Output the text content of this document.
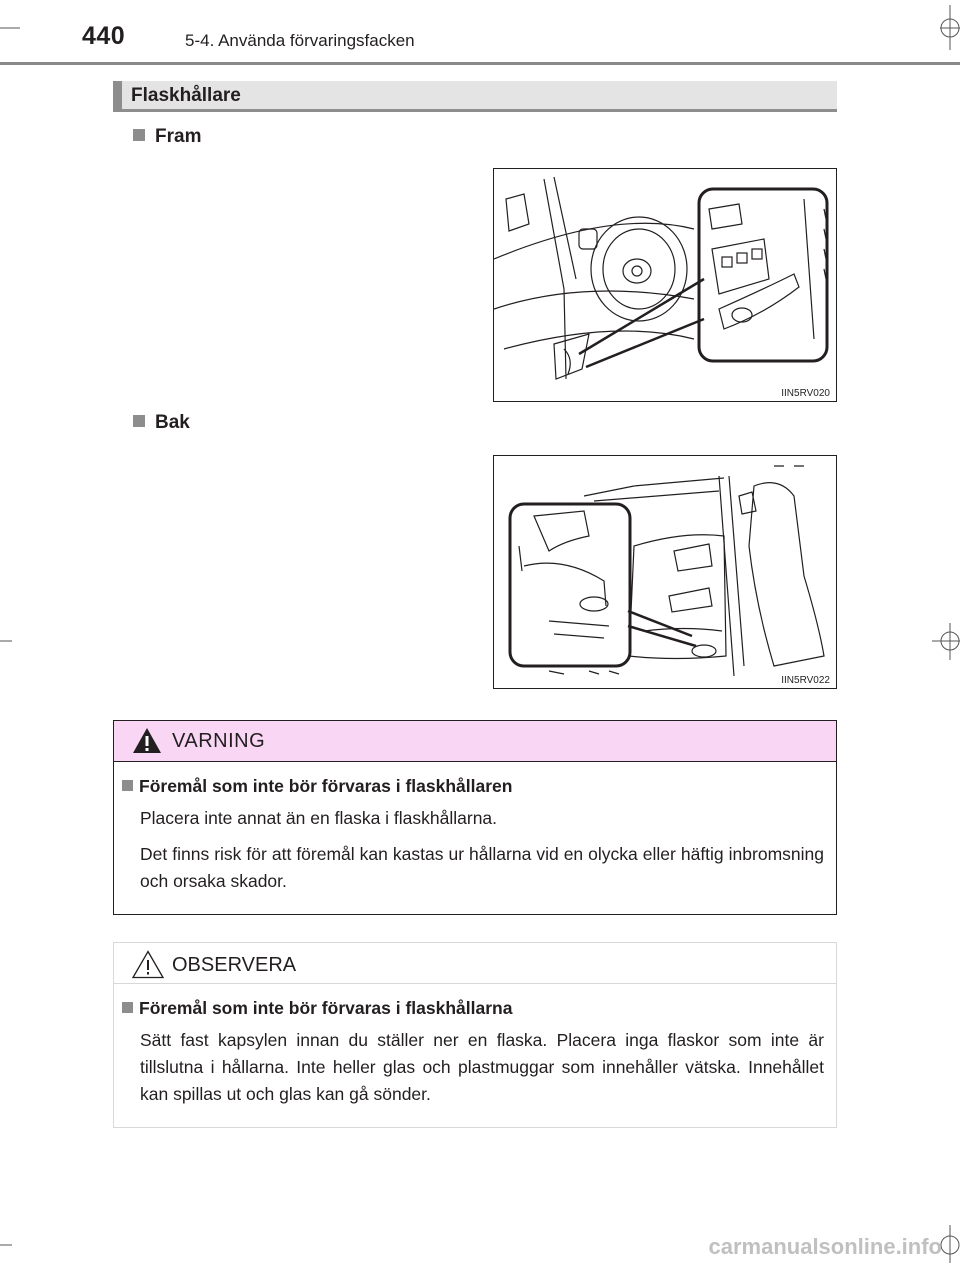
440	5-4. Använda förvaringsfacken
Flaskhållare
Fram
IIN5RV020
Bak
IIN5RV022
VARNING
Föremål som inte bör förvaras i flaskhållaren

Placera inte annat än en flaska i flaskhållarna.

Det finns risk för att föremål kan kastas ur hållarna vid en olycka eller häftig inbromsning och orsaka skador.

OBSERVERA
Föremål som inte bör förvaras i flaskhållarna

Sätt fast kapsylen innan du ställer ner en flaska. Placera inga flaskor som inte är tillslutna i hållarna. Inte heller glas och plastmuggar som innehåller vätska. Innehållet kan spillas ut och glas kan gå sönder.

carmanualsonline.info
